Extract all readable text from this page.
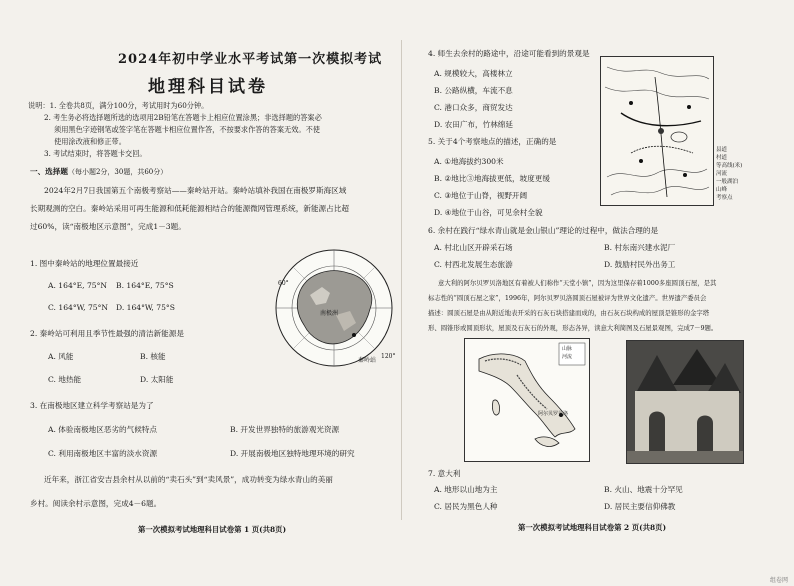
2024年初中学业水平考试第一次模拟考试
地理科目试卷
说明：1. 全卷共8页，满分100分，考试用时为60分钟。
2. 考生务必将选择题所选的选项用2B铅笔在答题卡上相应位置涂黑；非选择题的答案必
须用黑色字迹钢笔或签字笔在答题卡相应位置作答，不按要求作答的答案无效。不使
使用涂改液和修正带。
3. 考试结束时，将答题卡交回。
一、选择题（每小题2分，30题，共60分）
2024年2月7日我国第五个南极考察站——秦岭站开站。秦岭站填补我国在南极罗斯海区域
长期观测的空白。秦岭站采用可再生能源和低耗能源相结合的能源微网管理系统，新能源占比超
过60%，读“南极地区示意图”，完成1－3题。
60°
120°
秦岭站
南极洲
1. 图中秦岭站的地理位置最接近
A. 164°E, 75°N B. 164°E, 75°S
C. 164°W, 75°N D. 164°W, 75°S
2. 秦岭站可利用且季节性最强的清洁新能源是
A. 风能	B. 核能
C. 地热能	D. 太阳能
3. 在南极地区建立科学考察站是为了
A. 体验南极地区恶劣的气候特点	B. 开发世界独特的旅游观光资源
C. 利用南极地区丰富的淡水资源	D. 开展南极地区独特地理环境的研究
近年来，浙江省安吉县余村从以前的“卖石头”到“卖风景”，成功转变为绿水青山的美丽
乡村。阅读余村示意图，完成4－6题。
第一次模拟考试地理科目试卷第 1 页(共8页)
4. 师生去余村的路途中，沿途可能看到的景观是
A. 规模较大，高楼林立
B. 公路纵横，车流不息
C. 港口众多，商贸发达
D. 农田广布，竹林绵延
5. 关于4个考察地点的描述，正确的是
A. ①地海拔约300米
B. ②地比③地海拔更低，坡度更缓
C. ③地位于山脊，视野开阔
D. ④地位于山谷，可见余村全貌
县道
村道
等高线(米)
河流
一般湖泊
山峰
考察点
6. 余村在践行“绿水青山就是金山银山”理论的过程中，做法合理的是
A. 村北山区开辟采石场	B. 村东南兴建水泥厂
C. 村西北发展生态旅游	D. 鼓励村民外出务工
意大利的阿尔贝罗贝洛地区有着被人们称作“天堂小镇”，因为这里保存着1000多座圆顶石屋，是其
标志性的“圆顶石屋之家”，1996年，阿尔贝罗贝洛圆顶石屋被评为世界文化遗产。世界遗产委员会
描述：圆顶石屋是由从附近地表开采的石灰石块搭建而成的，由石灰石块构成的屋顶是锥形的金字塔
形、圆锥形或圆顶形状，屋顶及石灰石的外观，形态各异，读意大利简图及石屋景观图，完成7－9题。
山脉
河流
阿尔贝罗贝洛
7. 意大利
A. 地形以山地为主	B. 火山、地震十分罕见
C. 居民为黑色人种	D. 居民主要信仰佛教
第一次模拟考试地理科目试卷第 2 页(共8页)
组卷网
